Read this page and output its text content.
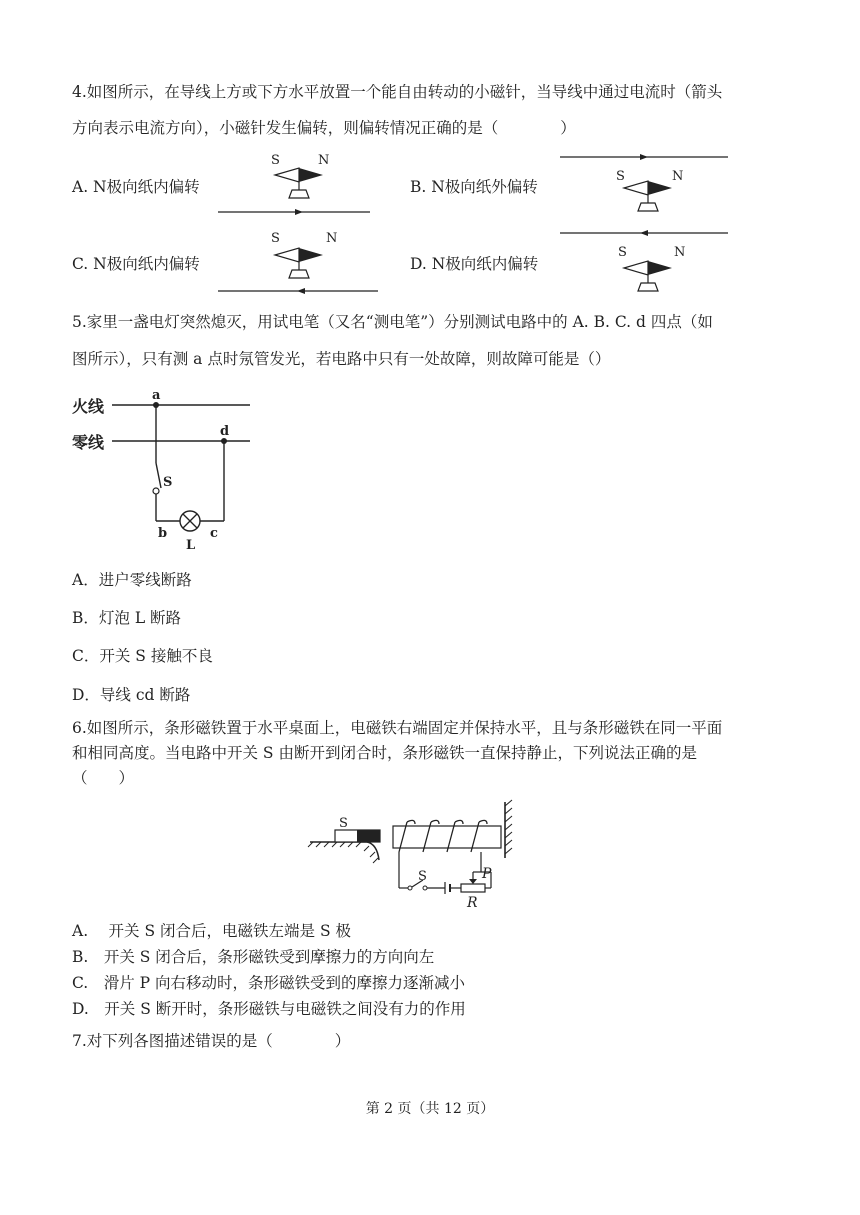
4.如图所示，在导线上方或下方水平放置一个能自由转动的小磁针，当导线中通过电流时（箭头
方向表示电流方向），小磁针发生偏转，则偏转情况正确的是（　　　　）
A. N极向纸内偏转	B. N极向纸外偏转
C. N极向纸内偏转	D. N极向纸内偏转
S	N
S	N
S	N
S	N
5.家里一盏电灯突然熄灭，用试电笔（又名“测电笔”）分别测试电路中的 A. B. C. d 四点（如
图所示），只有测 a 点时氖管发光，若电路中只有一处故障，则故障可能是（）
火线
零线
a
d
S
b	c
L
A．进户零线断路
B．灯泡 L 断路
C．开关 S 接触不良
D．导线 cd 断路
6.如图所示，条形磁铁置于水平桌面上，电磁铁右端固定并保持水平，且与条形磁铁在同一平面
和相同高度。当电路中开关 S 由断开到闭合时，条形磁铁一直保持静止，下列说法正确的是
（　　）
S
S	P
R
A.　 开关 S 闭合后，电磁铁左端是 S 极
B.　开关 S 闭合后，条形磁铁受到摩擦力的方向向左
C.　滑片 P 向右移动时，条形磁铁受到的摩擦力逐渐减小
D.　开关 S 断开时，条形磁铁与电磁铁之间没有力的作用
7.对下列各图描述错误的是（　　　　）
第 2 页（共 12 页）
